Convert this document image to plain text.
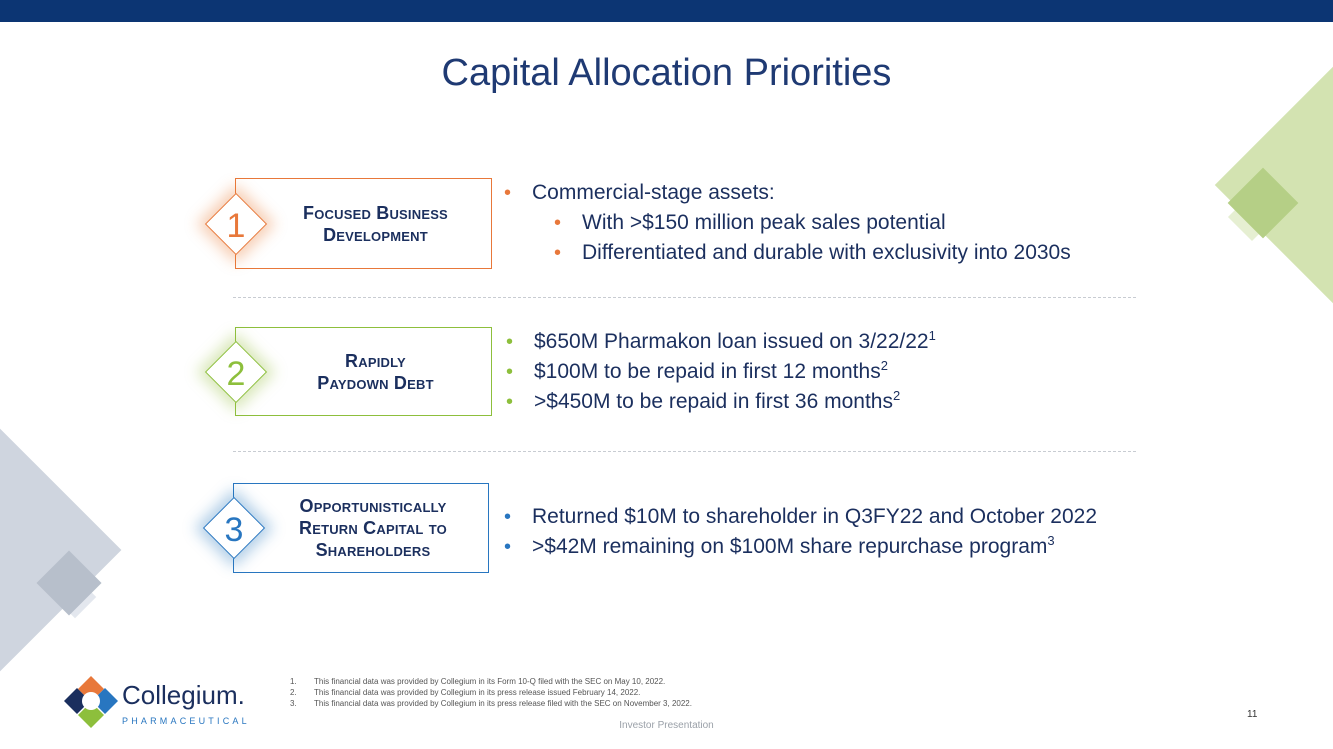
Capital Allocation Priorities
Focused Business
Development
1
• Commercial-stage assets:
• With >$150 million peak sales potential
• Differentiated and durable with exclusivity into 2030s
Rapidly
Paydown Debt
2
• $650M Pharmakon loan issued on $3/22/22^1$
• $100M to be repaid in first 12 months$^2$
• >$450M to be repaid in first 36 months$^2$
Opportunistically
Return Capital to
Shareholders
3
•	Returned $10M to shareholder in Q3FY22 and October 2022
• >$42M remaining on $100M share repurchase program$^3$
Collegium.
PHARMACEUTICAL
1. This financial data was provided by Collegium in its Form 10-Q filed with the SEC on May 10, 2022.
2. This financial data was provided by Collegium in its press release issued February 14, 2022.
3. This financial data was provided by Collegium in its press release filed with the SEC on November 3, 2022.
Investor Presentation
11
